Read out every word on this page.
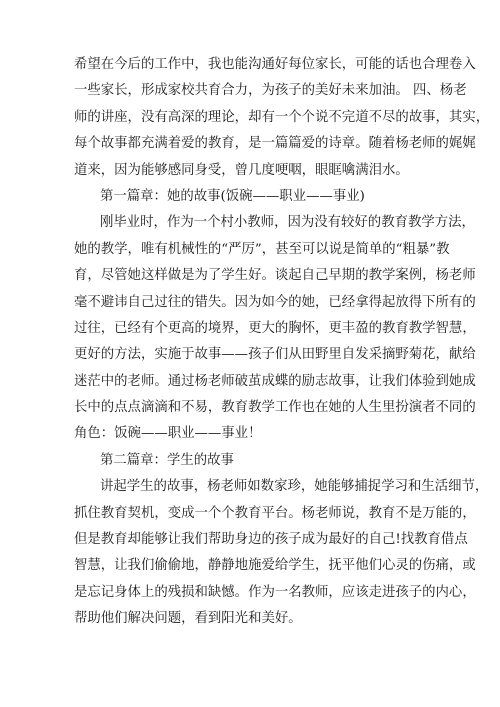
希望在今后的工作中，我也能沟通好每位家长，可能的话也合理卷入
一些家长，形成家校共育合力，为孩子的美好未来加油。 四、杨老
师的讲座，没有高深的理论，却有一个个说不完道不尽的故事，其实，
每个故事都充满着爱的教育，是一篇篇爱的诗章。随着杨老师的娓娓
道来，因为能够感同身受，曾几度哽咽，眼眶噙满泪水。
第一篇章：她的故事(饭碗——职业——事业)
刚毕业时，作为一个村小教师，因为没有较好的教育教学方法，
她的教学，唯有机械性的“严厉”，甚至可以说是简单的“粗暴”教
育，尽管她这样做是为了学生好。谈起自己早期的教学案例，杨老师
毫不避讳自己过往的错失。因为如今的她，已经拿得起放得下所有的
过往，已经有个更高的境界，更大的胸怀，更丰盈的教育教学智慧，
更好的方法，实施于故事——孩子们从田野里自发采摘野菊花，献给
迷茫中的老师。通过杨老师破茧成蝶的励志故事，让我们体验到她成
长中的点点滴滴和不易，教育教学工作也在她的人生里扮演者不同的
角色：饭碗——职业——事业！
第二篇章：学生的故事
讲起学生的故事，杨老师如数家珍，她能够捕捉学习和生活细节，
抓住教育契机，变成一个个教育平台。杨老师说，教育不是万能的，
但是教育却能够让我们帮助身边的孩子成为最好的自己!找教育借点
智慧，让我们偷偷地，静静地施爱给学生，抚平他们心灵的伤痛，或
是忘记身体上的残损和缺憾。作为一名教师，应该走进孩子的内心，
帮助他们解决问题，看到阳光和美好。
